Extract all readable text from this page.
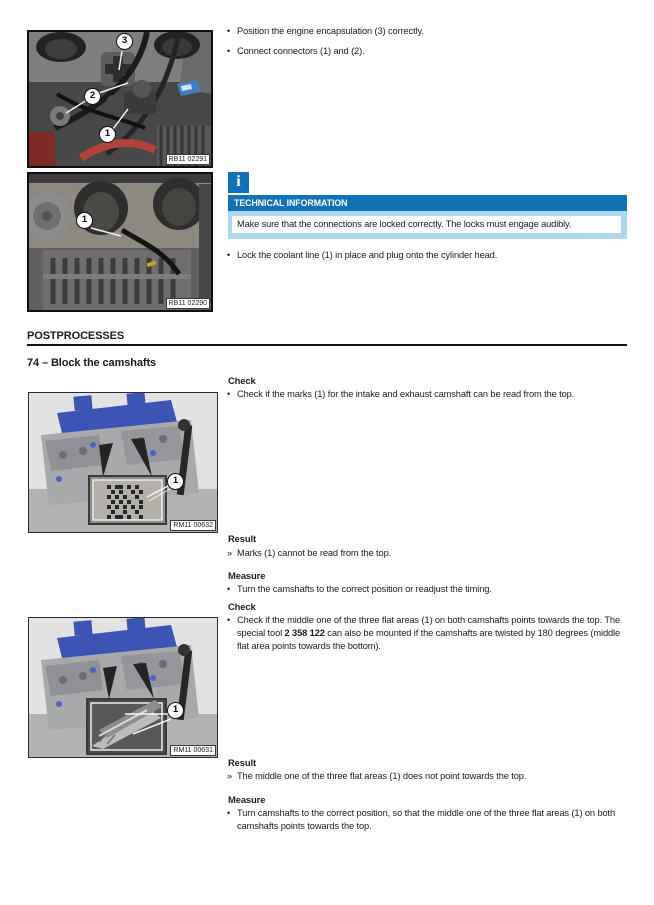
3
2
1
RB11 02291
• Position the engine encapsulation (3) correctly.
• Connect connectors (1) and (2).
1
RB11 02290
i
TECHNICAL INFORMATION
Make sure that the connections are locked correctly. The locks must engage audibly.
• Lock the coolant line (1) in place and plug onto the cylinder head.
POSTPROCESSES
74 – Block the camshafts
Check
• Check if the marks (1) for the intake and exhaust camshaft can be read from the top.
1
RM11 00632
Result
» Marks (1) cannot be read from the top.
Measure
• Turn the camshafts to the correct position or readjust the timing.
Check
• Check if the middle one of the three flat areas (1) on both camshafts points towards the top. The special tool 2 358 122 can also be mounted if the camshafts are twisted by 180 degrees (middle flat area points towards the bottom).
1
RM11 00631
Result
» The middle one of the three flat areas (1) does not point towards the top.
Measure
• Turn camshafts to the correct position, so that the middle one of the three flat areas (1) on both camshafts points towards the top.
